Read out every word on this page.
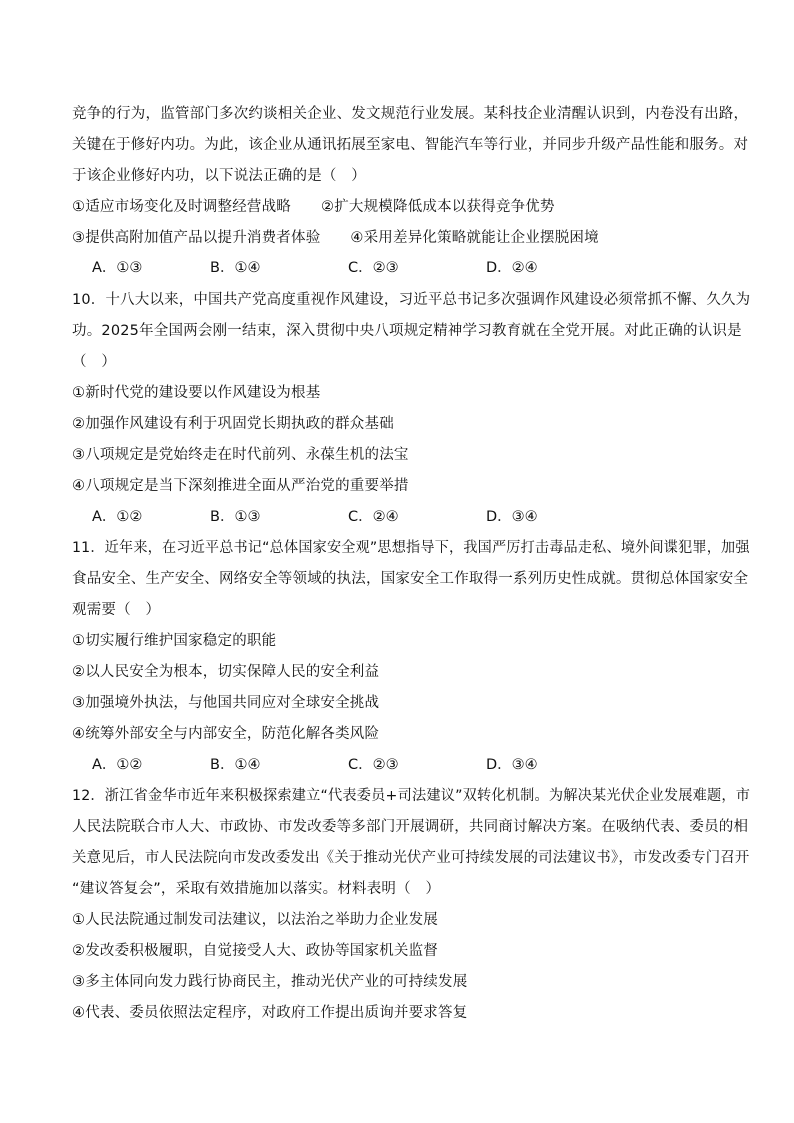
竞争的行为，监管部门多次约谈相关企业、发文规范行业发展。某科技企业清醒认识到，内卷没有出路，
关键在于修好内功。为此，该企业从通讯拓展至家电、智能汽车等行业，并同步升级产品性能和服务。对
于该企业修好内功，以下说法正确的是（　）
①适应市场变化及时调整经营战略 ②扩大规模降低成本以获得竞争优势
③提供高附加值产品以提升消费者体验 ④采用差异化策略就能让企业摆脱困境
A．①③	B．①④	C．②③	D．②④
10．十八大以来，中国共产党高度重视作风建设，习近平总书记多次强调作风建设必须常抓不懈、久久为
功。2025年全国两会刚一结束，深入贯彻中央八项规定精神学习教育就在全党开展。对此正确的认识是
（　）
①新时代党的建设要以作风建设为根基
②加强作风建设有利于巩固党长期执政的群众基础
③八项规定是党始终走在时代前列、永葆生机的法宝
④八项规定是当下深刻推进全面从严治党的重要举措
A．①②	B．①③	C．②④	D．③④
11．近年来，在习近平总书记“总体国家安全观”思想指导下，我国严厉打击毒品走私、境外间谍犯罪，加强
食品安全、生产安全、网络安全等领域的执法，国家安全工作取得一系列历史性成就。贯彻总体国家安全
观需要（　）
①切实履行维护国家稳定的职能
②以人民安全为根本，切实保障人民的安全利益
③加强境外执法，与他国共同应对全球安全挑战
④统筹外部安全与内部安全，防范化解各类风险
A．①②	B．①④	C．②③	D．③④
12．浙江省金华市近年来积极探索建立“代表委员+司法建议”双转化机制。为解决某光伏企业发展难题，市
人民法院联合市人大、市政协、市发改委等多部门开展调研，共同商讨解决方案。在吸纳代表、委员的相
关意见后，市人民法院向市发改委发出《关于推动光伏产业可持续发展的司法建议书》，市发改委专门召开
“建议答复会”，采取有效措施加以落实。材料表明（　）
①人民法院通过制发司法建议，以法治之举助力企业发展
②发改委积极履职，自觉接受人大、政协等国家机关监督
③多主体同向发力践行协商民主，推动光伏产业的可持续发展
④代表、委员依照法定程序，对政府工作提出质询并要求答复
